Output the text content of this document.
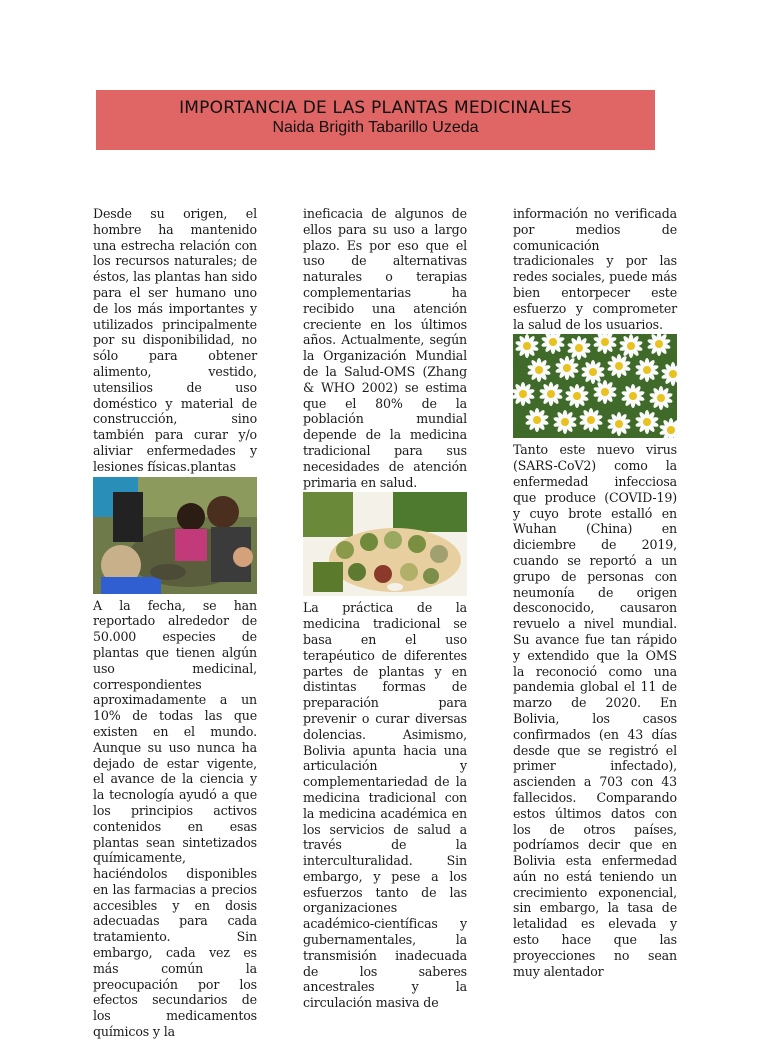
IMPORTANCIA DE LAS PLANTAS MEDICINALES
Naida Brigith Tabarillo Uzeda

Desde su origen, el hombre ha mantenido una estrecha relación con los recursos naturales; de éstos, las plantas han sido para el ser humano uno de los más importantes y utilizados principalmente por su disponibilidad, no sólo para obtener alimento, vestido, utensilios de uso doméstico y material de construcción, sino también para curar y/o aliviar enfermedades y lesiones físicas.plantas

A la fecha, se han reportado alrededor de 50.000 especies de plantas que tienen algún uso medicinal, correspondientes aproximadamente a un 10% de todas las que existen en el mundo. Aunque su uso nunca ha dejado de estar vigente, el avance de la ciencia y la tecnología ayudó a que los principios activos contenidos en esas plantas sean sintetizados químicamente, haciéndolos disponibles en las farmacias a precios accesibles y en dosis adecuadas para cada tratamiento. Sin embargo, cada vez es más común la preocupación por los efectos secundarios de los medicamentos químicos y la

ineficacia de algunos de ellos para su uso a largo plazo. Es por eso que el uso de alternativas naturales o terapias complementarias ha recibido una atención creciente en los últimos años. Actualmente, según la Organización Mundial de la Salud-OMS (Zhang & WHO 2002) se estima que el 80% de la población mundial depende de la medicina tradicional para sus necesidades de atención primaria en salud.

La práctica de la medicina tradicional se basa en el uso terapéutico de diferentes partes de plantas y en distintas formas de preparación para prevenir o curar diversas dolencias. Asimismo, Bolivia apunta hacia una articulación y complementariedad de la medicina tradicional con la medicina académica en los servicios de salud a través de la interculturalidad. Sin embargo, y pese a los esfuerzos tanto de las organizaciones académico-científicas y gubernamentales, la transmisión inadecuada de los saberes ancestrales y la circulación masiva de

información no verificada por medios de comunicación tradicionales y por las redes sociales, puede más bien entorpecer este esfuerzo y comprometer la salud de los usuarios.

Tanto este nuevo virus (SARS-CoV2) como la enfermedad infecciosa que produce (COVID-19) y cuyo brote estalló en Wuhan (China) en diciembre de 2019, cuando se reportó a un grupo de personas con neumonía de origen desconocido, causaron revuelo a nivel mundial. Su avance fue tan rápido y extendido que la OMS la reconoció como una pandemia global el 11 de marzo de 2020. En Bolivia, los casos confirmados (en 43 días desde que se registró el primer infectado), ascienden a 703 con 43 fallecidos. Comparando estos últimos datos con los de otros países, podríamos decir que en Bolivia esta enfermedad aún no está teniendo un crecimiento exponencial, sin embargo, la tasa de letalidad es elevada y esto hace que las proyecciones no sean muy alentador
